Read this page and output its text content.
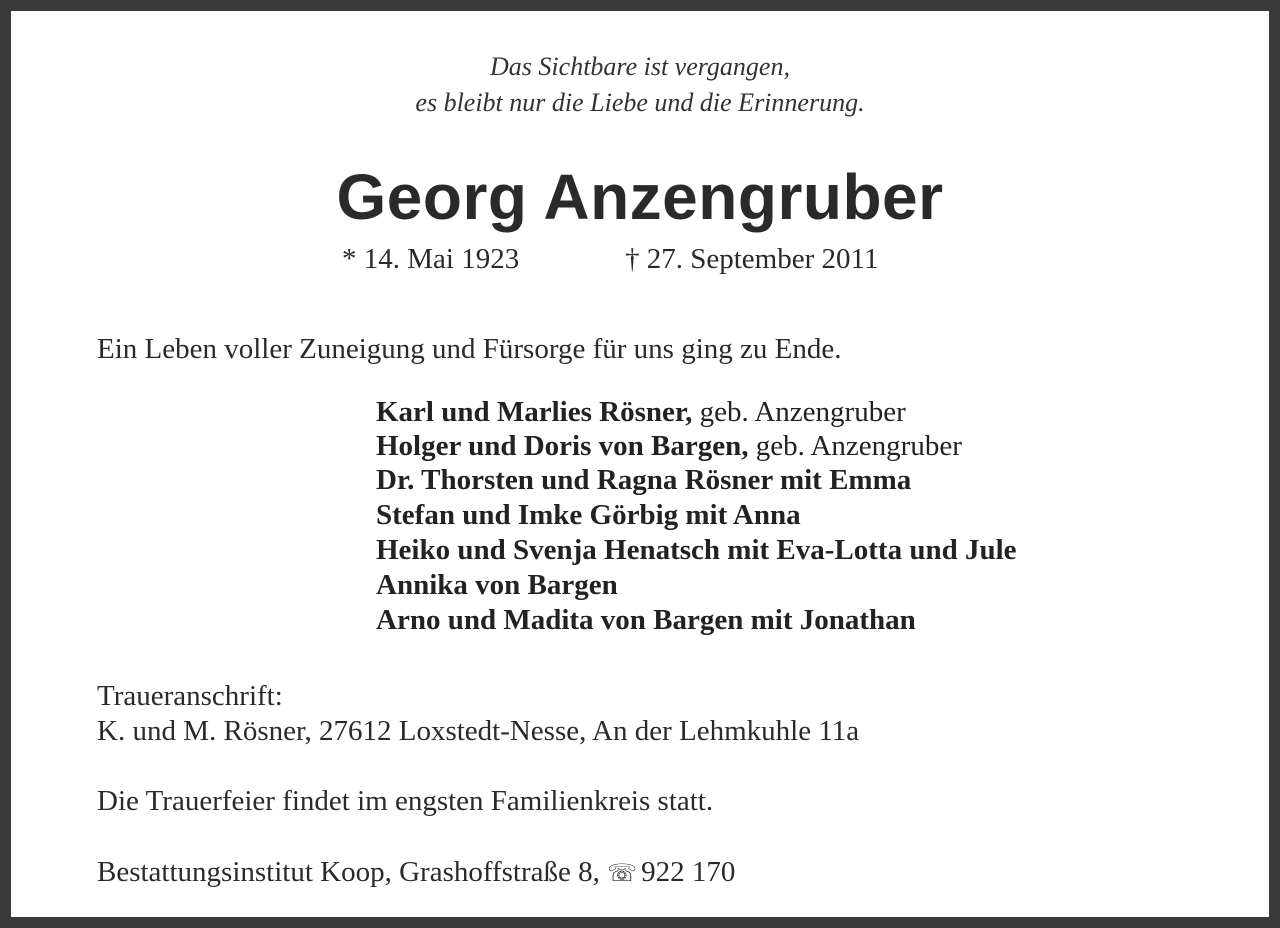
Das Sichtbare ist vergangen,
es bleibt nur die Liebe und die Erinnerung.
Georg Anzengruber
* 14. Mai 1923	† 27. September 2011
Ein Leben voller Zuneigung und Fürsorge für uns ging zu Ende.
Karl und Marlies Rösner, geb. Anzengruber
Holger und Doris von Bargen, geb. Anzengruber
Dr. Thorsten und Ragna Rösner mit Emma
Stefan und Imke Görbig mit Anna
Heiko und Svenja Henatsch mit Eva-Lotta und Jule
Annika von Bargen
Arno und Madita von Bargen mit Jonathan
Traueranschrift:
K. und M. Rösner, 27612 Loxstedt-Nesse, An der Lehmkuhle 11a
Die Trauerfeier findet im engsten Familienkreis statt.
Bestattungsinstitut Koop, Grashoffstraße 8, ☏ 922 170
